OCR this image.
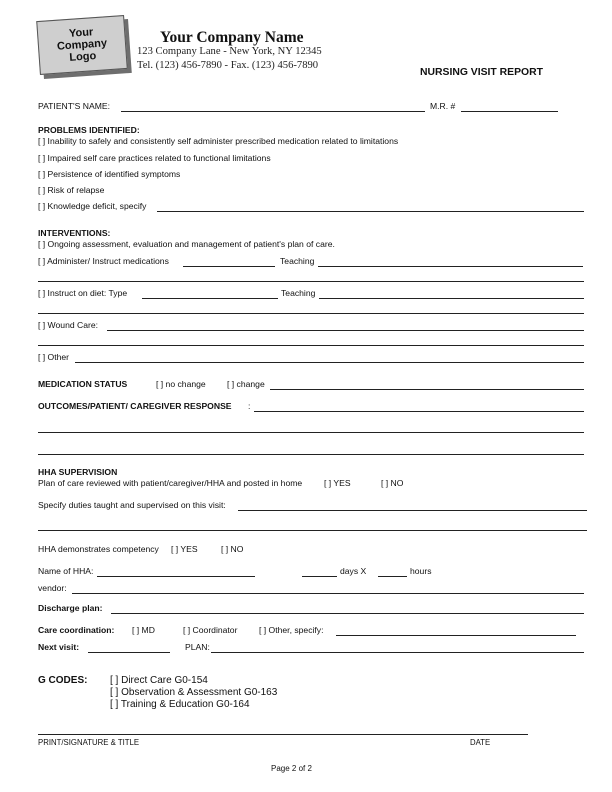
Your
Company
Logo
Your Company Name
123 Company Lane - New York, NY 12345
Tel. (123) 456-7890 - Fax. (123) 456-7890
NURSING VISIT REPORT
PATIENT'S NAME:	M.R. #
PROBLEMS IDENTIFIED:
[ ] Inability to safely and consistently self administer prescribed medication related to limitations
[ ] Impaired self care practices related to functional limitations
[ ] Persistence of identified symptoms
[ ] Risk of relapse
[ ] Knowledge deficit, specify
INTERVENTIONS:
[ ] Ongoing assessment, evaluation and management of patient's plan of care.
[ ] Administer/ Instruct medications	Teaching
[ ] Instruct on diet: Type	Teaching
[ ] Wound Care:
[ ] Other
MEDICATION STATUS	[ ] no change [ ] change
OUTCOMES/PATIENT/ CAREGIVER RESPONSE :
HHA SUPERVISION
Plan of care reviewed with patient/caregiver/HHA and posted in home	[ ] YES	[ ] NO
Specify duties taught and supervised on this visit:
HHA demonstrates competency [ ] YES	[ ] NO
Name of HHA:	days X	hours
vendor:
Discharge plan:
Care coordination: [ ] MD	[ ] Coordinator	[ ] Other, specify:
Next visit:	PLAN:
G CODES: [ ] Direct Care G0-154
[ ] Observation & Assessment G0-163
[ ] Training & Education G0-164
PRINT/SIGNATURE & TITLE	DATE
Page 2 of 2
